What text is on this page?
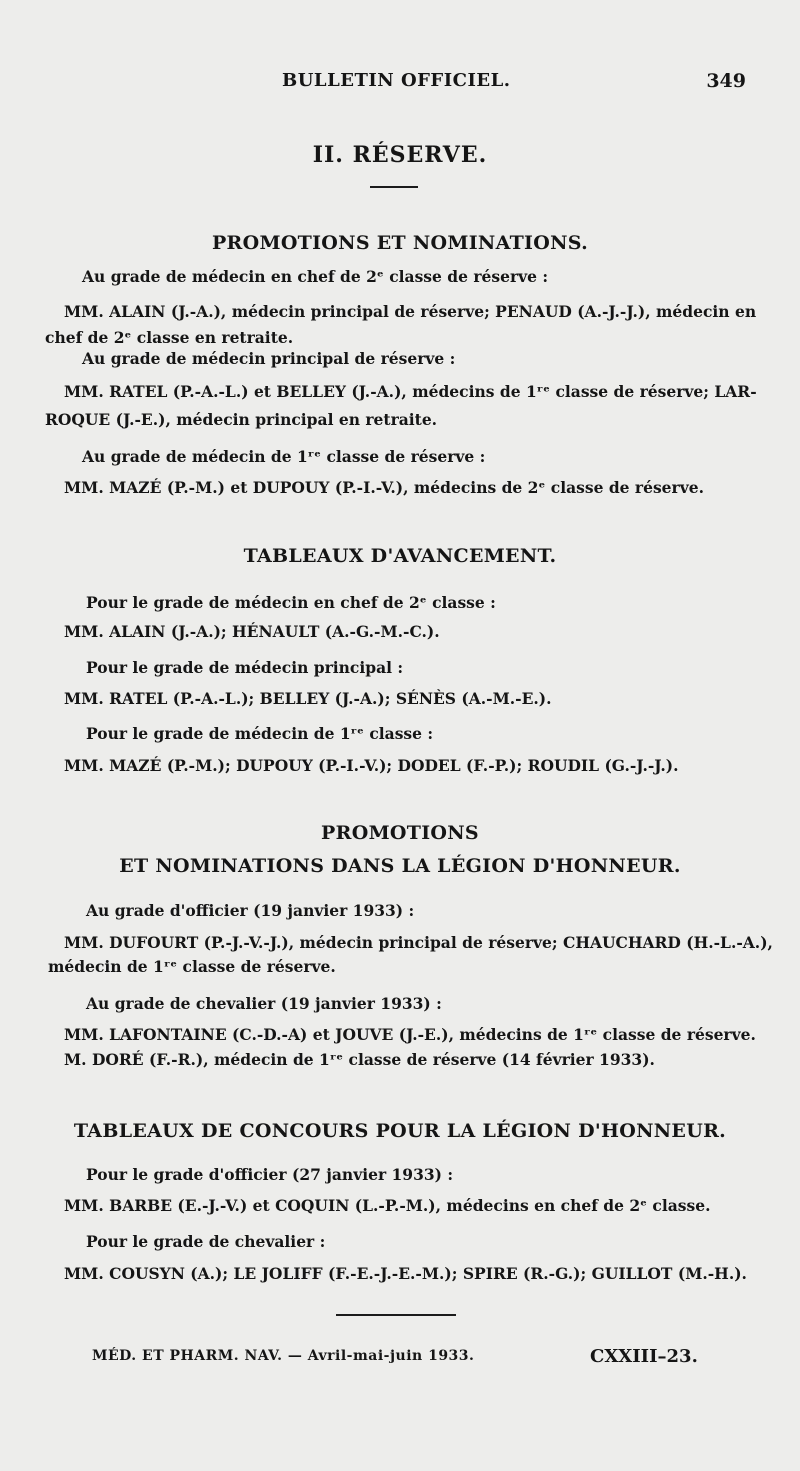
BULLETIN OFFICIEL.	349
II. RÉSERVE.
PROMOTIONS ET NOMINATIONS.
Au grade de médecin en chef de 2ᵉ classe de réserve :
MM. ALAIN (J.-A.), médecin principal de réserve; PENAUD (A.-J.-J.), médecin en
chef de 2ᵉ classe en retraite.
Au grade de médecin principal de réserve :
MM. RATEL (P.-A.-L.) et BELLEY (J.-A.), médecins de 1ʳᵉ classe de réserve; LAR-
ROQUE (J.-E.), médecin principal en retraite.
Au grade de médecin de 1ʳᵉ classe de réserve :
MM. MAZÉ (P.-M.) et DUPOUY (P.-I.-V.), médecins de 2ᵉ classe de réserve.
TABLEAUX D'AVANCEMENT.
Pour le grade de médecin en chef de 2ᵉ classe :
MM. ALAIN (J.-A.); HÉNAULT (A.-G.-M.-C.).
Pour le grade de médecin principal :
MM. RATEL (P.-A.-L.); BELLEY (J.-A.); SÉNÈS (A.-M.-E.).
Pour le grade de médecin de 1ʳᵉ classe :
MM. MAZÉ (P.-M.); DUPOUY (P.-I.-V.); DODEL (F.-P.); ROUDIL (G.-J.-J.).
PROMOTIONS
ET NOMINATIONS DANS LA LÉGION D'HONNEUR.
Au grade d'officier (19 janvier 1933) :
MM. DUFOURT (P.-J.-V.-J.), médecin principal de réserve; CHAUCHARD (H.-L.-A.),
médecin de 1ʳᵉ classe de réserve.
Au grade de chevalier (19 janvier 1933) :
MM. LAFONTAINE (C.-D.-A) et JOUVE (J.-E.), médecins de 1ʳᵉ classe de réserve.
M. DORÉ (F.-R.), médecin de 1ʳᵉ classe de réserve (14 février 1933).
TABLEAUX DE CONCOURS POUR LA LÉGION D'HONNEUR.
Pour le grade d'officier (27 janvier 1933) :
MM. BARBE (E.-J.-V.) et COQUIN (L.-P.-M.), médecins en chef de 2ᵉ classe.
Pour le grade de chevalier :
MM. COUSYN (A.); LE JOLIFF (F.-E.-J.-E.-M.); SPIRE (R.-G.); GUILLOT (M.-H.).
MÉD. ET PHARM. NAV. — Avril-mai-juin 1933.	CXXIII–23.
